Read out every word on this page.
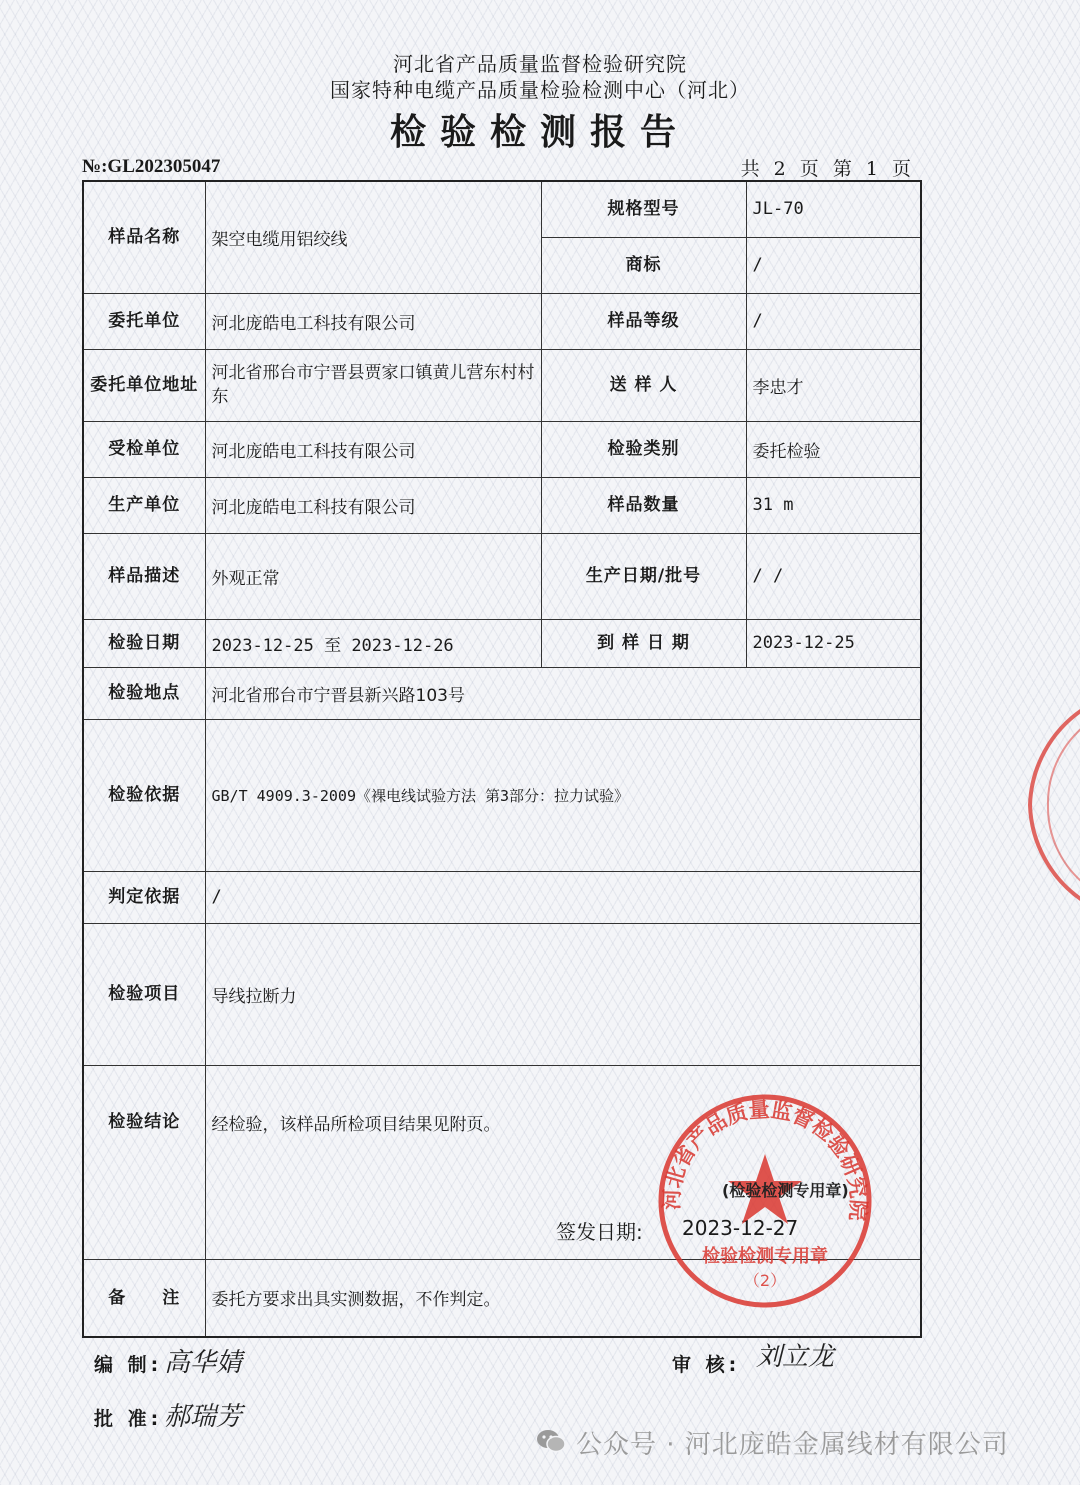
河北省产品质量监督检验研究院
国家特种电缆产品质量检验检测中心（河北）
检验检测报告
№:GL202305047	共 2 页 第 1 页
样品名称	架空电缆用铝绞线	规格型号	JL-70
		商标	/
委托单位	河北庞皓电工科技有限公司	样品等级	/
委托单位地址	河北省邢台市宁晋县贾家口镇黄儿营东村村东	送 样 人	李忠才
受检单位	河北庞皓电工科技有限公司	检验类别	委托检验
生产单位	河北庞皓电工科技有限公司	样品数量	31 m
样品描述	外观正常	生产日期/批号	/ /
检验日期	2023-12-25 至 2023-12-26	到 样 日 期	2023-12-25
检验地点	河北省邢台市宁晋县新兴路103号		
检验依据	GB/T 4909.3-2009《裸电线试验方法 第3部分：拉力试验》		
判定依据	/		
检验项目	导线拉断力		
检验结论	经检验，该样品所检项目结果见附页。		
备　　注	委托方要求出具实测数据，不作判定。		
签发日期: 2023-12-27
河北省产品质量监督检验研究院
检验检测专用章
（2）
(检验检测专用章)
编 制: 高华婧	审 核: 刘立龙
批 准: 郝瑞芳
公众号 · 河北庞皓金属线材有限公司
